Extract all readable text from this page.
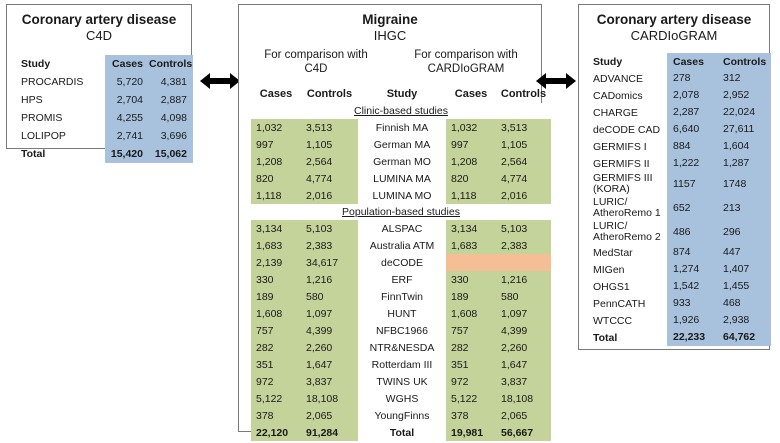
Coronary artery disease
C4D
Study	Cases	Controls
PROCARDIS	5,720	4,381
HPS	2,704	2,887
PROMIS	4,255	4,098
LOLIPOP	2,741	3,696
Total	15,420	15,062
Migraine
IHGC
For comparison with
C4D
For comparison with
CARDIoGRAM
	Cases	Controls	Study	Cases	Controls	
	Clinic-based studies					
	1,032	3,513	Finnish MA	1,032	3,513	
	997	1,105	German MA	997	1,105	
	1,208	2,564	German MO	1,208	2,564	
	820	4,774	LUMINA MA	820	4,774	
	1,118	2,016	LUMINA MO	1,118	2,016	
	Population-based studies					
	3,134	5,103	ALSPAC	3,134	5,103	
	1,683	2,383	Australia ATM	1,683	2,383	
	2,139	34,617	deCODE			
	330	1,216	ERF	330	1,216	
	189	580	FinnTwin	189	580	
	1,608	1,097	HUNT	1,608	1,097	
	757	4,399	NFBC1966	757	4,399	
	282	2,260	NTR&NESDA	282	2,260	
	351	1,647	Rotterdam III	351	1,647	
	972	3,837	TWINS UK	972	3,837	
	5,122	18,108	WGHS	5,122	18,108	
	378	2,065	YoungFinns	378	2,065	
	22,120	91,284	Total	19,981	56,667	
Coronary artery disease
CARDIoGRAM
Study	Cases	Controls
ADVANCE	278	312
CADomics	2,078	2,952
CHARGE	2,287	22,024
deCODE CAD	6,640	27,611
GERMIFS I	884	1,604
GERMIFS II	1,222	1,287
GERMIFS III (KORA)	1157	1748
LURIC/ AtheroRemo 1	652	213
LURIC/ AtheroRemo 2	486	296
MedStar	874	447
MIGen	1,274	1,407
OHGS1	1,542	1,455
PennCATH	933	468
WTCCC	1,926	2,938
Total	22,233	64,762
